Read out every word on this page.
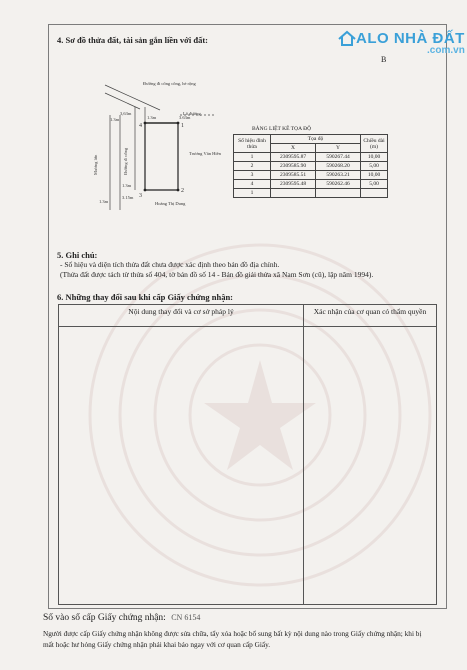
ALO NHÀ ĐẤT
.com.vn
B
4. Sơ đồ thửa đất, tài sản gắn liền với đất:
Đường đi cống công, hẻ rộng
1.3m
3,63m
1.3m	3.63m
Lô đường
Trương Văn Hiền
Mương lớn	Đường đi công
1.3m
1.3m
3.15m
Hoàng Thị Dung
1
2
3
4	BẢNG LIỆT KÊ TỌA ĐỘ
Số hiệu đỉnh thửa	Tọa độ		Chiều dài (m)
	X	Y	
1	2309595.87	590267.44	10,00
2	2309585.90	590268.20	5,00
3	2309585.51	590263.21	10,00
4	2309595.48	590262.46	5,00
1			
5. Ghi chú:
- Số hiệu và diện tích thửa đất chưa được xác định theo bản đồ địa chính.
(Thửa đất được tách từ thửa số 404, tờ bản đồ số 14 - Bản đồ giải thửa xã Nam Sơn (cũ), lập năm 1994).
6. Những thay đổi sau khi cấp Giấy chứng nhận:
Nội dung thay đổi và cơ sở pháp lý	Xác nhận của cơ quan có thẩm quyền

Số vào sổ cấp Giấy chứng nhận: CN 6154
Người được cấp Giấy chứng nhận không được sửa chữa, tẩy xóa hoặc bổ sung bất kỳ nội dung nào trong Giấy chứng nhận; khi bị mất hoặc hư hỏng Giấy chứng nhận phải khai báo ngay với cơ quan cấp Giấy.
